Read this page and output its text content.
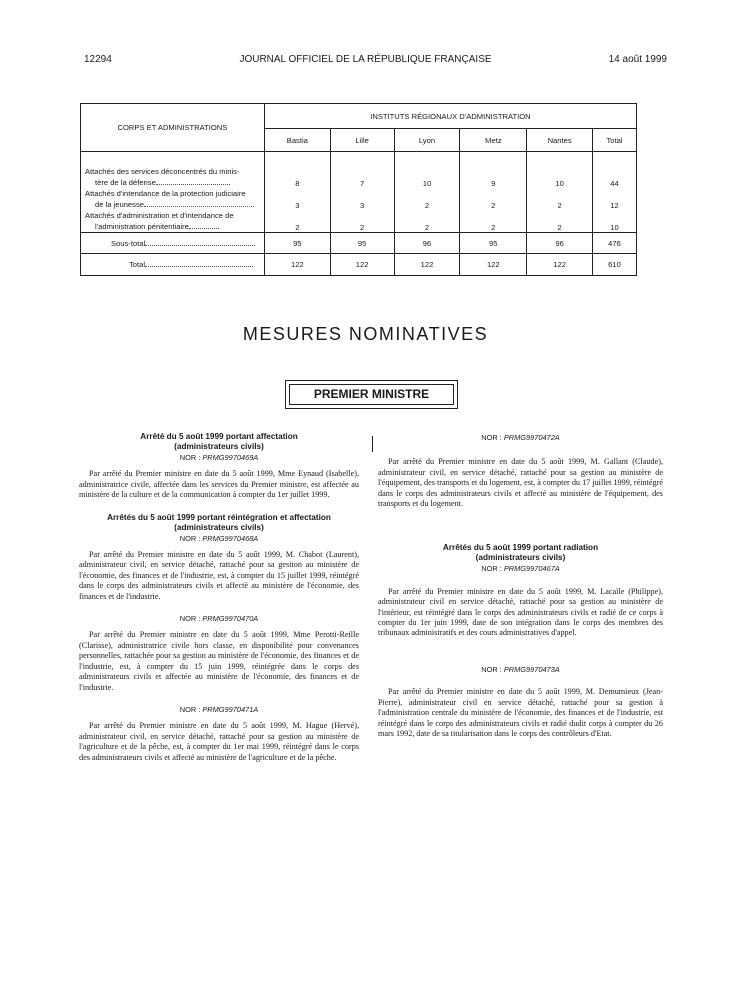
12294	JOURNAL OFFICIEL DE LA RÉPUBLIQUE FRANÇAISE	14 août 1999
CORPS ET ADMINISTRATIONS	INSTITUTS RÉGIONAUX D'ADMINISTRATION					
	Bastia	Lille	Lyon	Metz	Nantes	Total

Attachés des services déconcentrés du minis-
tère de la défense	8	7	10	9	10	44

Attachés d'intendance de la protection judiciaire
de la jeunesse	3	3	2	2	2	12

Attachés d'administration et d'intendance de
l'administration pénitentiaire	2	2	2	2	2	10
Sous-total	95	95	96	95	96	476
Total	122	122	122	122	122	610
MESURES NOMINATIVES
PREMIER MINISTRE
Arrêté du 5 août 1999 portant affectation
(administrateurs civils)
NOR : PRMG9970469A

Par arrêté du Premier ministre en date du 5 août 1999, Mme Eynaud (Isabelle), administratrice civile, affectée dans les services du Premier ministre, est affectée au ministère de la culture et de la communication à compter du 1er juillet 1999.

Arrêtés du 5 août 1999 portant réintégration et affectation
(administrateurs civils)
NOR : PRMG9970468A

Par arrêté du Premier ministre en date du 5 août 1999, M. Chabot (Laurent), administrateur civil, en service détaché, rattaché pour sa gestion au ministère de l'économie, des finances et de l'industrie, est, à compter du 15 juillet 1999, réintégré dans le corps des administrateurs civils et affecté au ministère de l'économie, des finances et de l'industrie.

NOR : PRMG9970470A

Par arrêté du Premier ministre en date du 5 août 1999, Mme Perotti-Reille (Clarisse), administratrice civile hors classe, en disponibilité pour convenances personnelles, rattachée pour sa gestion au ministère de l'économie, des finances et de l'industrie, est, à compter du 15 juin 1999, réintégrée dans le corps des administrateurs civils et affectée au ministère de l'économie, des finances et de l'industrie.

NOR : PRMG9970471A

Par arrêté du Premier ministre en date du 5 août 1999, M. Hague (Hervé), administrateur civil, en service détaché, rattaché pour sa gestion au ministère de l'agriculture et de la pêche, est, à compter du 1er mai 1999, réintégré dans le corps des administrateurs civils et affecté au ministère de l'agriculture et de la pêche.

NOR : PRMG9970472A

Par arrêté du Premier ministre en date du 5 août 1999, M. Gallant (Claude), administrateur civil, en service détaché, rattaché pour sa gestion au ministère de l'équipement, des transports et du logement, est, à compter du 17 juillet 1999, réintégré dans le corps des administrateurs civils et affecté au ministère de l'équipement, des transports et du logement.

Arrêtés du 5 août 1999 portant radiation
(administrateurs civils)
NOR : PRMG9970467A

Par arrêté du Premier ministre en date du 5 août 1999, M. Lacaïle (Philippe), administrateur civil en service détaché, rattaché pour sa gestion au ministère de l'intérieur, est réintégré dans le corps des administrateurs civils et radié de ce corps à compter du 1er juin 1999, date de son intégration dans le corps des membres des tribunaux administratifs et des cours administratives d'appel.

NOR : PRMG9970473A

Par arrêté du Premier ministre en date du 5 août 1999, M. Demumieux (Jean-Pierre), administrateur civil en service détaché, rattaché pour sa gestion à l'administration centrale du ministère de l'économie, des finances et de l'industrie, est réintégré dans le corps des administrateurs civils et radié dudit corps à compter du 26 mars 1992, date de sa titularisation dans le corps des contrôleurs d'Etat.
